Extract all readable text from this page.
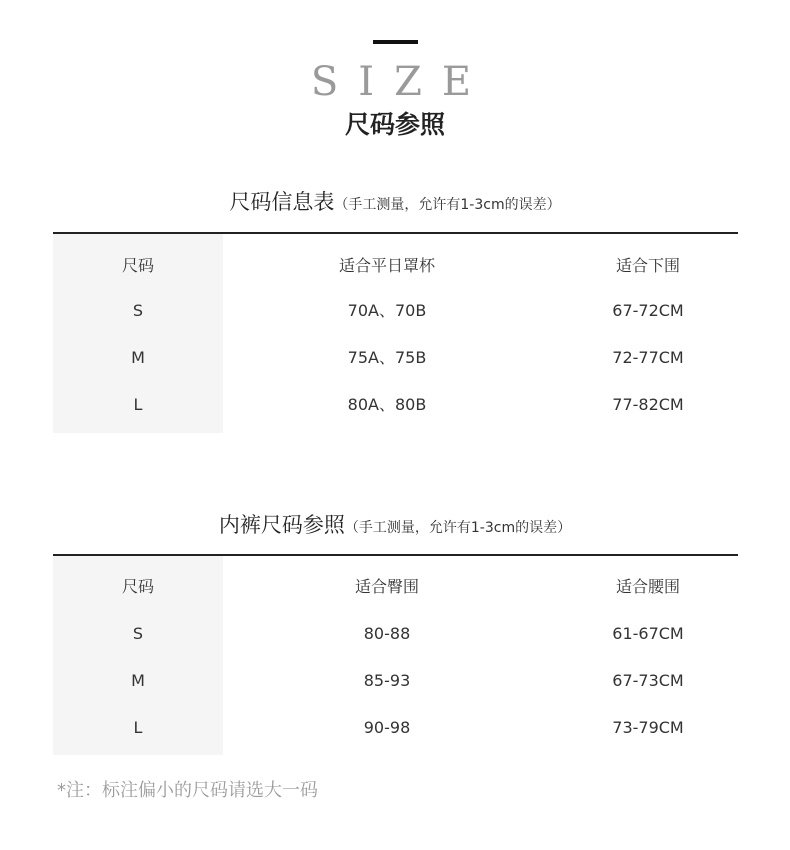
SIZE
尺码参照
尺码信息表（手工测量，允许有1-3cm的误差）
尺码	适合平日罩杯	适合下围
S	70A、70B	67-72CM
M	75A、75B	72-77CM
L	80A、80B	77-82CM
内裤尺码参照（手工测量，允许有1-3cm的误差）
尺码	适合臀围	适合腰围
S	80-88	61-67CM
M	85-93	67-73CM
L	90-98	73-79CM
*注：标注偏小的尺码请选大一码
